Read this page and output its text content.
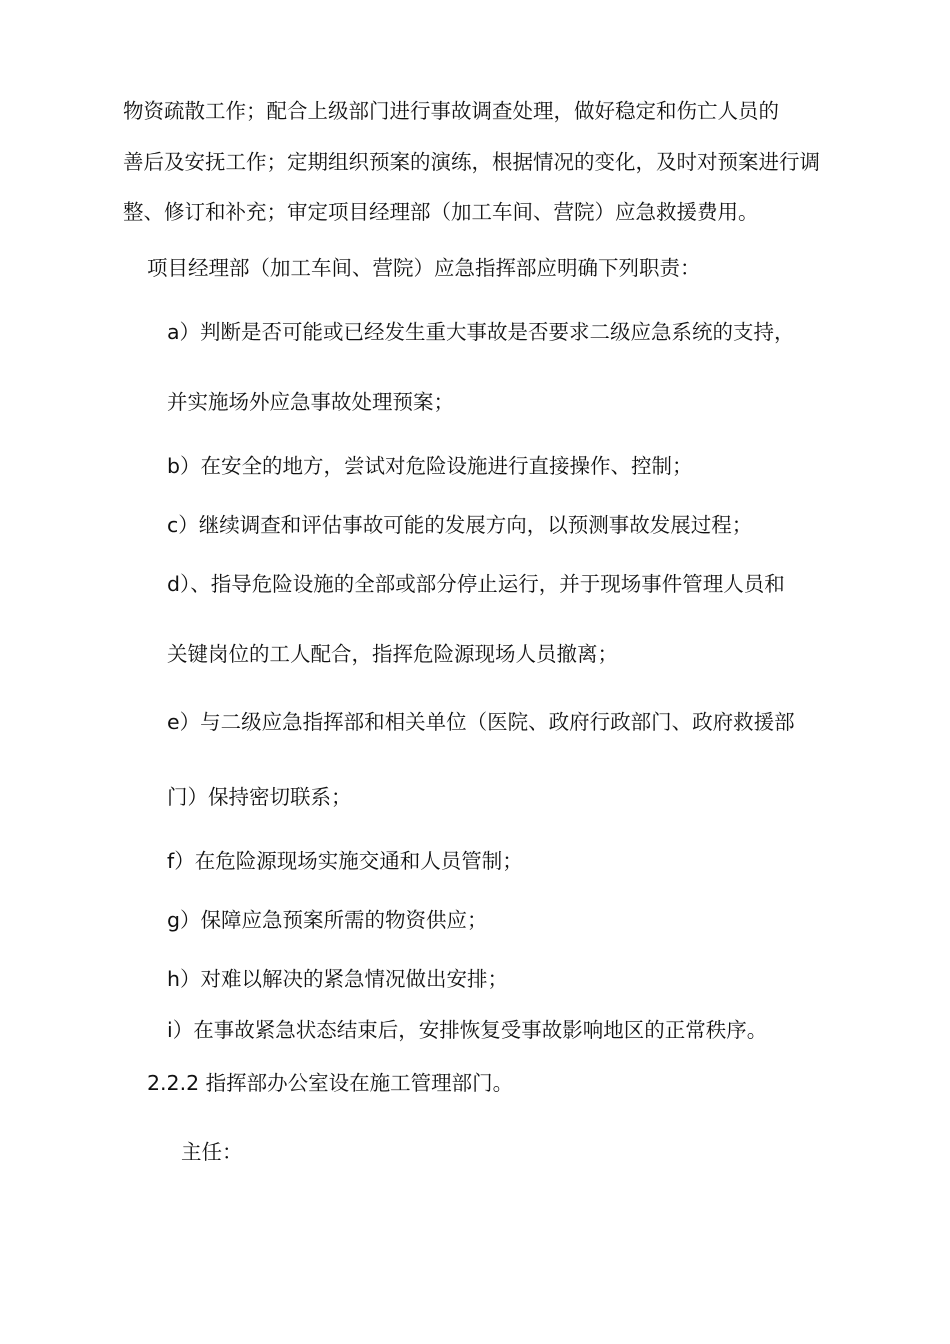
物资疏散工作；配合上级部门进行事故调查处理，做好稳定和伤亡人员的
善后及安抚工作；定期组织预案的演练，根据情况的变化，及时对预案进行调
整、修订和补充；审定项目经理部（加工车间、营院）应急救援费用。
项目经理部（加工车间、营院）应急指挥部应明确下列职责：
a）判断是否可能或已经发生重大事故是否要求二级应急系统的支持，
并实施场外应急事故处理预案；
b）在安全的地方，尝试对危险设施进行直接操作、控制；
c）继续调查和评估事故可能的发展方向，以预测事故发展过程；
d）、指导危险设施的全部或部分停止运行，并于现场事件管理人员和
关键岗位的工人配合，指挥危险源现场人员撤离；
e）与二级应急指挥部和相关单位（医院、政府行政部门、政府救援部
门）保持密切联系；
f）在危险源现场实施交通和人员管制；
g）保障应急预案所需的物资供应；
h）对难以解决的紧急情况做出安排；
i）在事故紧急状态结束后，安排恢复受事故影响地区的正常秩序。
2.2.2 指挥部办公室设在施工管理部门。
主任：
